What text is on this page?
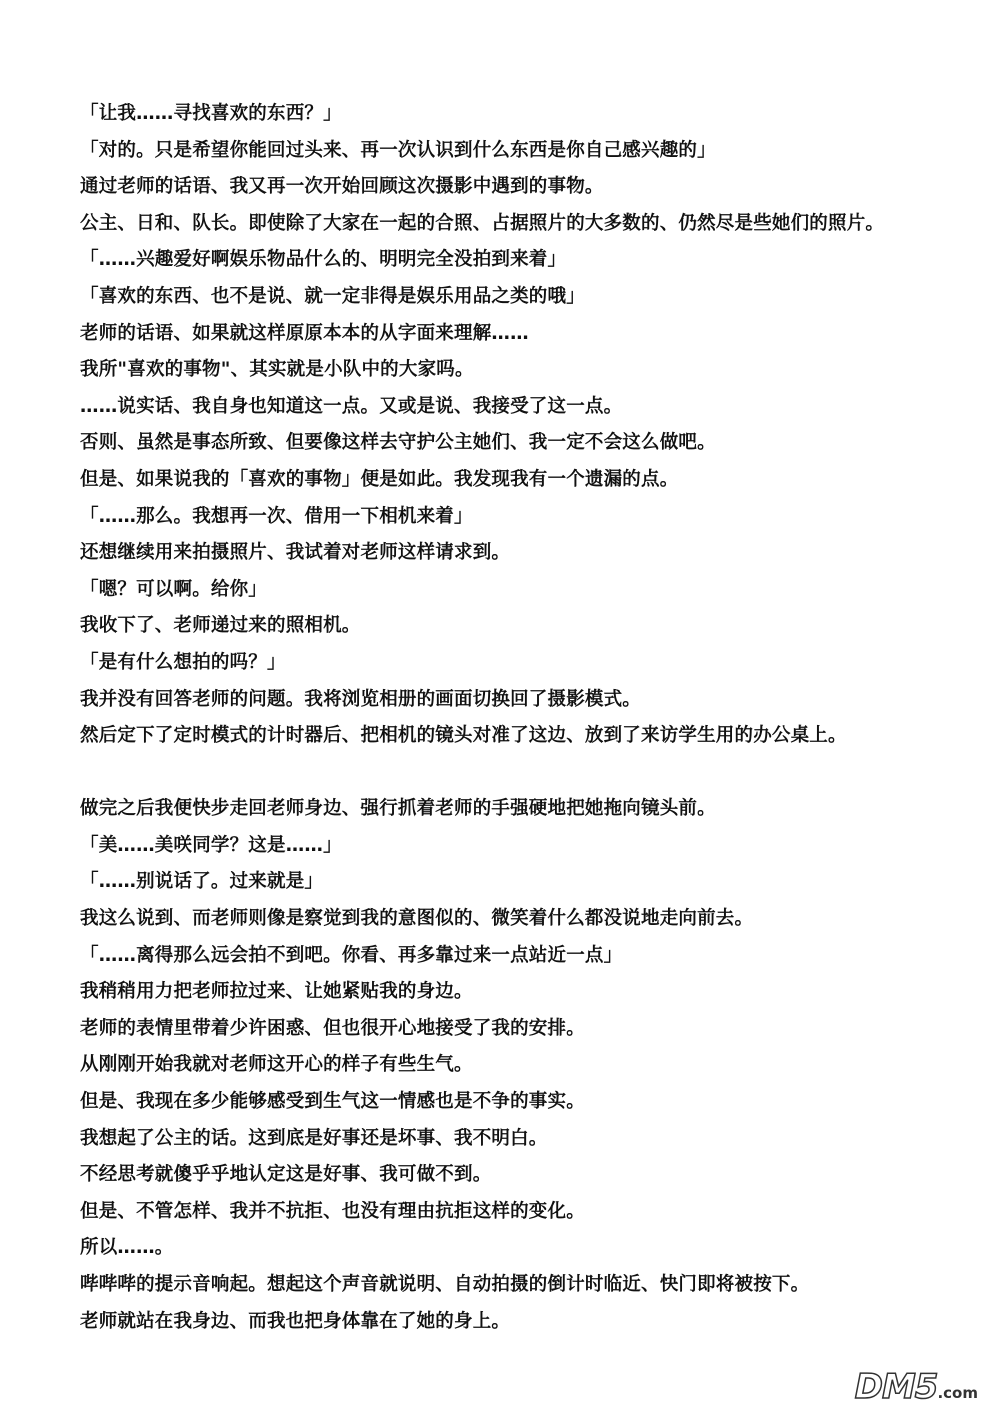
「让我……寻找喜欢的东西？」
「对的。只是希望你能回过头来、再一次认识到什么东西是你自己感兴趣的」
通过老师的话语、我又再一次开始回顾这次摄影中遇到的事物。
公主、日和、队长。即使除了大家在一起的合照、占据照片的大多数的、仍然尽是些她们的照片。
「……兴趣爱好啊娱乐物品什么的、明明完全没拍到来着」
「喜欢的东西、也不是说、就一定非得是娱乐用品之类的哦」
老师的话语、如果就这样原原本本的从字面来理解……
我所"喜欢的事物"、其实就是小队中的大家吗。
……说实话、我自身也知道这一点。又或是说、我接受了这一点。
否则、虽然是事态所致、但要像这样去守护公主她们、我一定不会这么做吧。
但是、如果说我的「喜欢的事物」便是如此。我发现我有一个遗漏的点。
「……那么。我想再一次、借用一下相机来着」
还想继续用来拍摄照片、我试着对老师这样请求到。
「嗯？可以啊。给你」
我收下了、老师递过来的照相机。
「是有什么想拍的吗？」
我并没有回答老师的问题。我将浏览相册的画面切换回了摄影模式。
然后定下了定时模式的计时器后、把相机的镜头对准了这边、放到了来访学生用的办公桌上。
做完之后我便快步走回老师身边、强行抓着老师的手强硬地把她拖向镜头前。
「美……美咲同学？这是……」
「……别说话了。过来就是」
我这么说到、而老师则像是察觉到我的意图似的、微笑着什么都没说地走向前去。
「……离得那么远会拍不到吧。你看、再多靠过来一点站近一点」
我稍稍用力把老师拉过来、让她紧贴我的身边。
老师的表情里带着少许困惑、但也很开心地接受了我的安排。
从刚刚开始我就对老师这开心的样子有些生气。
但是、我现在多少能够感受到生气这一情感也是不争的事实。
我想起了公主的话。这到底是好事还是坏事、我不明白。
不经思考就傻乎乎地认定这是好事、我可做不到。
但是、不管怎样、我并不抗拒、也没有理由抗拒这样的变化。
所以……。
哔哔哔的提示音响起。想起这个声音就说明、自动拍摄的倒计时临近、快门即将被按下。
老师就站在我身边、而我也把身体靠在了她的身上。
DM5.com
